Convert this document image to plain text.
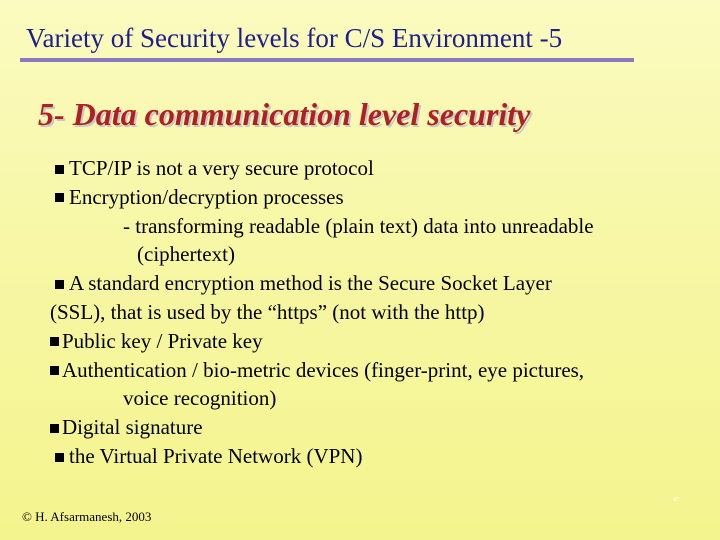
Variety of Security levels for C/S Environment -5
5- Data communication level security
TCP/IP is not a very secure protocol
Encryption/decryption processes
- transforming readable (plain text) data into unreadable
(ciphertext)
A standard encryption method is the Secure Socket Layer
(SSL), that is used by the “https” (not with the http)
Public key / Private key
Authentication / bio-metric devices (finger-print, eye pictures,
voice recognition)
Digital signature
the Virtual Private Network (VPN)
© H. Afsarmanesh, 2003
47
